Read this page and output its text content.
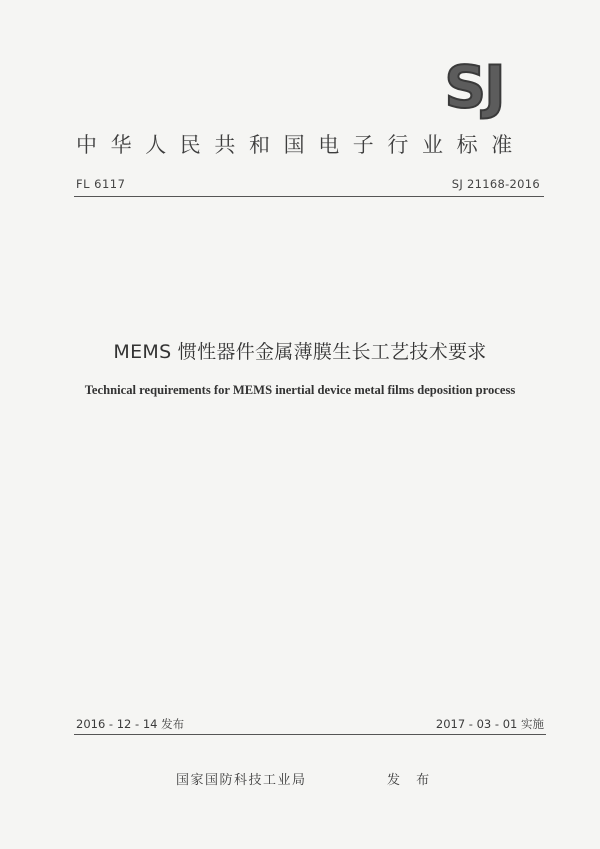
SJ
中华人民共和国电子行业标准
FL 6117	SJ 21168-2016
MEMS 惯性器件金属薄膜生长工艺技术要求
Technical requirements for MEMS inertial device metal films deposition process
2016 - 12 - 14 发布	2017 - 03 - 01 实施
国家国防科技工业局	发 布
